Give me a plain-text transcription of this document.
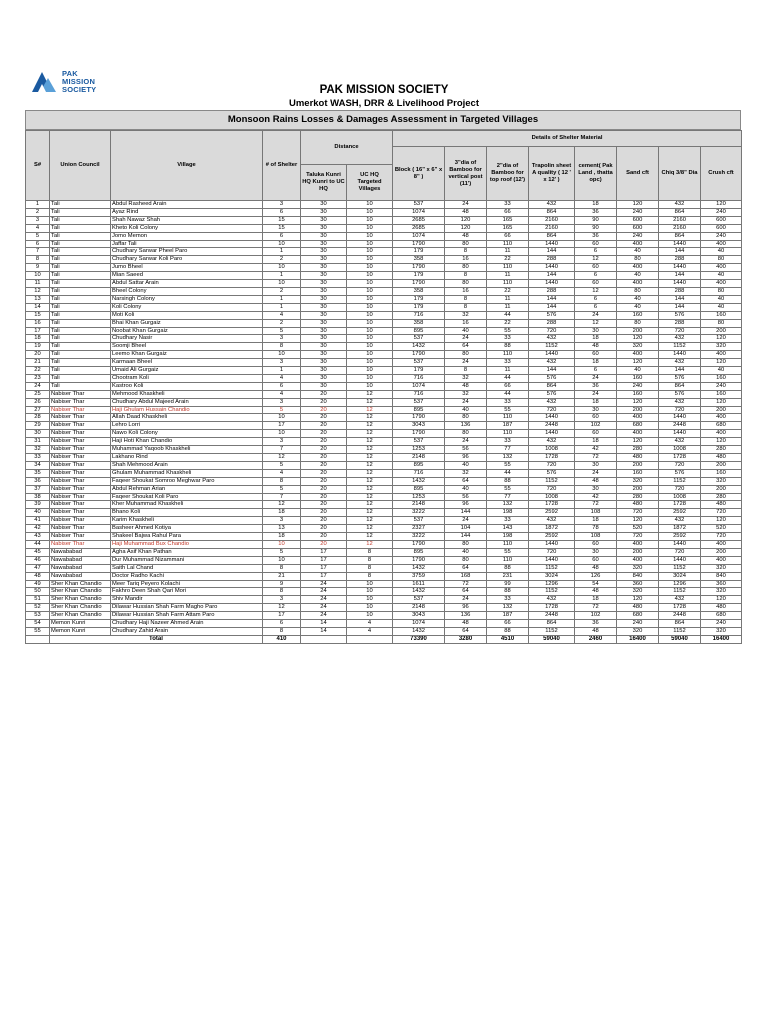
PAK
MISSION
SOCIETY	PAK MISSION SOCIETY
Umerkot WASH, DRR & Livelihood Project
Monsoon Rains Losses & Damages Assessment in Targeted Villages
S#	Union Council	Village	# of Shelter	Distance		Details of Shelter Material							
						Block ( 16" x 6" x 8" )	3"dia of Bamboo for vertical post (11')	2"dia of Bamboo for top roof (12')	Trapolin sheet A quality ( 12 ' x 12' )	cement( Pak Land , thatta opc)	Sand cft	Chiq 3/8" Dia	Crush cft
				Taluka Kunri HQ Kunri to UC HQ	UC HQ Targeted Villages								
1	Tali	Abdul Rasheed Arain	3	30	10	537	24	33	432	18	120	432	120
2	Tali	Ayaz Rind	6	30	10	1074	48	66	864	36	240	864	240
3	Tali	Shah Nawaz Shah	15	30	10	2685	120	165	2160	90	600	2160	600
4	Tali	Kheto Koli Colony	15	30	10	2685	120	165	2160	90	600	2160	600
5	Tali	Jomo Memon	6	30	10	1074	48	66	864	36	240	864	240
6	Tali	Jaffar Tali	10	30	10	1790	80	110	1440	60	400	1440	400
7	Tali	Chudhary Sarwar Pheel Paro	1	30	10	179	8	11	144	6	40	144	40
8	Tali	Chudhary Sarwar Koli Paro	2	30	10	358	16	22	288	12	80	288	80
9	Tali	Jumo Bheel	10	30	10	1790	80	110	1440	60	400	1440	400
10	Tali	Mian Saeed	1	30	10	179	8	11	144	6	40	144	40
11	Tali	Abdul Sattar Arain	10	30	10	1790	80	110	1440	60	400	1440	400
12	Tali	Bheel Colony	2	30	10	358	16	22	288	12	80	288	80
13	Tali	Narsingh Colony	1	30	10	179	8	11	144	6	40	144	40
14	Tali	Koli Colony	1	30	10	179	8	11	144	6	40	144	40
15	Tali	Moti Koli	4	30	10	716	32	44	576	24	160	576	160
16	Tali	Bhai Khan Gurgaiz	2	30	10	358	16	22	288	12	80	288	80
17	Tali	Noobat Khan Gurgaiz	5	30	10	895	40	55	720	30	200	720	200
18	Tali	Chudhary Nasir	3	30	10	537	24	33	432	18	120	432	120
19	Tali	Soomji Bheel	8	30	10	1432	64	88	1152	48	320	1152	320
20	Tali	Leemo Khan Gurgaiz	10	30	10	1790	80	110	1440	60	400	1440	400
21	Tali	Karmaan Bheel	3	30	10	537	24	33	432	18	120	432	120
22	Tali	Umaid Ali Gurgaiz	1	30	10	179	8	11	144	6	40	144	40
23	Tali	Chootram Koli	4	30	10	716	32	44	576	24	160	576	160
24	Tali	Kastroo Koli	6	30	10	1074	48	66	864	36	240	864	240
25	Nabiser Thar	Mehmood Khaskheli	4	20	12	716	32	44	576	24	160	576	160
26	Nabiser Thar	Chudhary Abdul Majeed Arain	3	20	12	537	24	33	432	18	120	432	120
27	Nabiser Thar	Haji Ghulam Hussain Chandio	5	20	12	895	40	55	720	30	200	720	200
28	Nabiser Thar	Allah Daad Khaskheli	10	20	12	1790	80	110	1440	60	400	1440	400
29	Nabiser Thar	Lehro Lorri	17	20	12	3043	136	187	2448	102	680	2448	680
30	Nabiser Thar	Nawo Koli Colony	10	20	12	1790	80	110	1440	60	400	1440	400
31	Nabiser Thar	Haji Hoti Khan Chandio	3	20	12	537	24	33	432	18	120	432	120
32	Nabiser Thar	Muhammad Yaqoob Khaskheli	7	20	12	1253	56	77	1008	42	280	1008	280
33	Nabiser Thar	Lakhano Rind	12	20	12	2148	96	132	1728	72	480	1728	480
34	Nabiser Thar	Shah Mehmood Arain	5	20	12	895	40	55	720	30	200	720	200
35	Nabiser Thar	Ghulam Muhammad Khaskheli	4	20	12	716	32	44	576	24	160	576	160
36	Nabiser Thar	Faqeer Shoukat Somroo Meghwar Paro	8	20	12	1432	64	88	1152	48	320	1152	320
37	Nabiser Thar	Abdul Rehman Arian	5	20	12	895	40	55	720	30	200	720	200
38	Nabiser Thar	Faqeer Shoukat Koli Paro	7	20	12	1253	56	77	1008	42	280	1008	280
39	Nabiser Thar	Kher Muhammad Khaskheli	12	20	12	2148	96	132	1728	72	480	1728	480
40	Nabiser Thar	Bhano Koli	18	20	12	3222	144	198	2592	108	720	2592	720
41	Nabiser Thar	Karim Khaskheli	3	20	12	537	24	33	432	18	120	432	120
42	Nabiser Thar	Basheer Ahmed Kotiya	13	20	12	2327	104	143	1872	78	520	1872	520
43	Nabiser Thar	Shakeel Bajwa Rahul Para	18	20	12	3222	144	198	2592	108	720	2592	720
44	Nabiser Thar	Haji Muhammad Bux Chandio	10	20	12	1790	80	110	1440	60	400	1440	400
45	Nawababad	Agha Asif Khan Pathan	5	17	8	895	40	55	720	30	200	720	200
46	Nawababad	Dur Muhammad Nizammani	10	17	8	1790	80	110	1440	60	400	1440	400
47	Nawababad	Saith Lal Chand	8	17	8	1432	64	88	1152	48	320	1152	320
48	Nawababad	Doctor Radho Kachi	21	17	8	3759	168	231	3024	126	840	3024	840
49	Sher Khan Chandio	Meer Tariq Peyero Kolachi	9	24	10	1611	72	99	1296	54	360	1296	360
50	Sher Khan Chandio	Fakhro Deen Shah Qari Mori	8	24	10	1432	64	88	1152	48	320	1152	320
51	Sher Khan Chandio	Shiv Mandir	3	24	10	537	24	33	432	18	120	432	120
52	Sher Khan Chandio	Dilawar Hussian Shah Farm Magho Paro	12	24	10	2148	96	132	1728	72	480	1728	480
53	Sher Khan Chandio	Dilawar Hussian Shah Farm Attam Paro	17	24	10	3043	136	187	2448	102	680	2448	680
54	Memon Kunri	Chudhary Haji Nazeer Ahmed Arain	6	14	4	1074	48	66	864	36	240	864	240
55	Memon Kunri	Chudhary Zahid Arain	8	14	4	1432	64	88	1152	48	320	1152	320
	Total		410			73390	3280	4510	59040	2460	16400	59040	16400
